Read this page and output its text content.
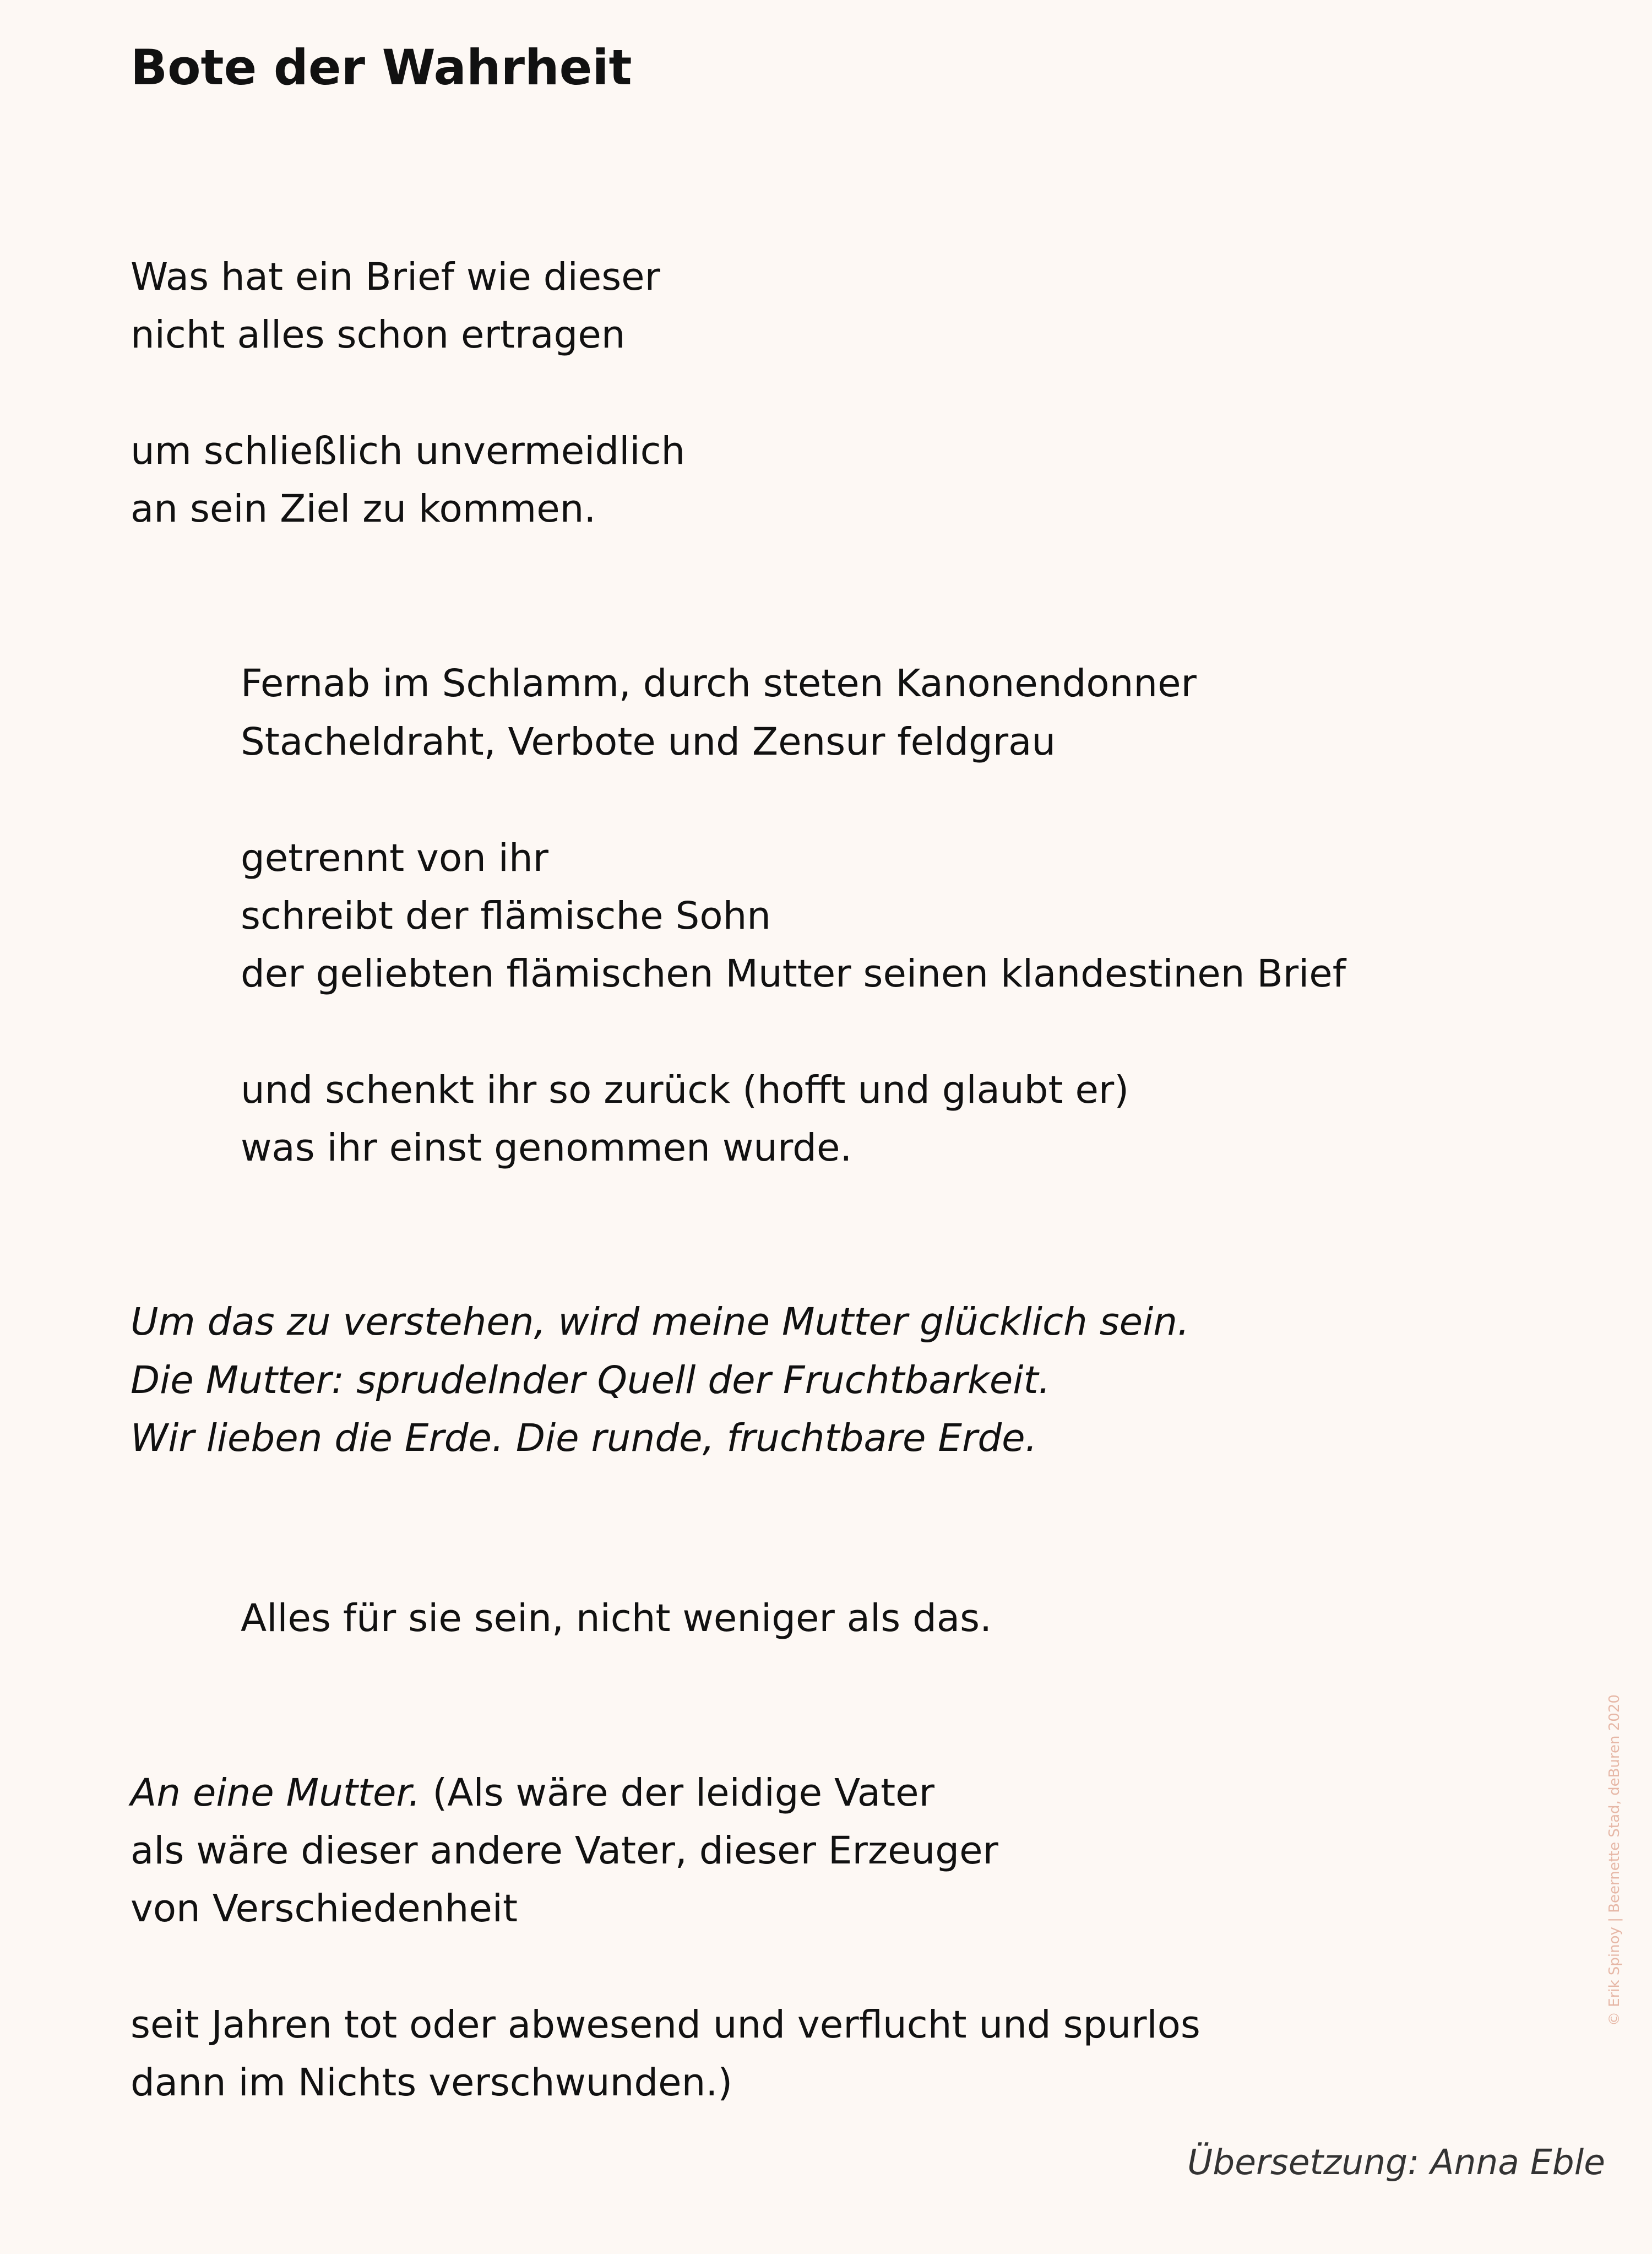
Bote der Wahrheit
Was hat ein Brief wie dieser
nicht alles schon ertragen
um schließlich unvermeidlich
an sein Ziel zu kommen.
Fernab im Schlamm, durch steten Kanonendonner
Stacheldraht, Verbote und Zensur feldgrau
getrennt von ihr
schreibt der flämische Sohn
der geliebten flämischen Mutter seinen klandestinen Brief
und schenkt ihr so zurück (hofft und glaubt er)
was ihr einst genommen wurde.
Um das zu verstehen, wird meine Mutter glücklich sein.
Die Mutter: sprudelnder Quell der Fruchtbarkeit.
Wir lieben die Erde. Die runde, fruchtbare Erde.
Alles für sie sein, nicht weniger als das.
An eine Mutter. (Als wäre der leidige Vater
als wäre dieser andere Vater, dieser Erzeuger
von Verschiedenheit
seit Jahren tot oder abwesend und verflucht und spurlos
dann im Nichts verschwunden.)
Übersetzung: Anna Eble
© Erik Spinoy | Beernette Stad, deBuren 2020
